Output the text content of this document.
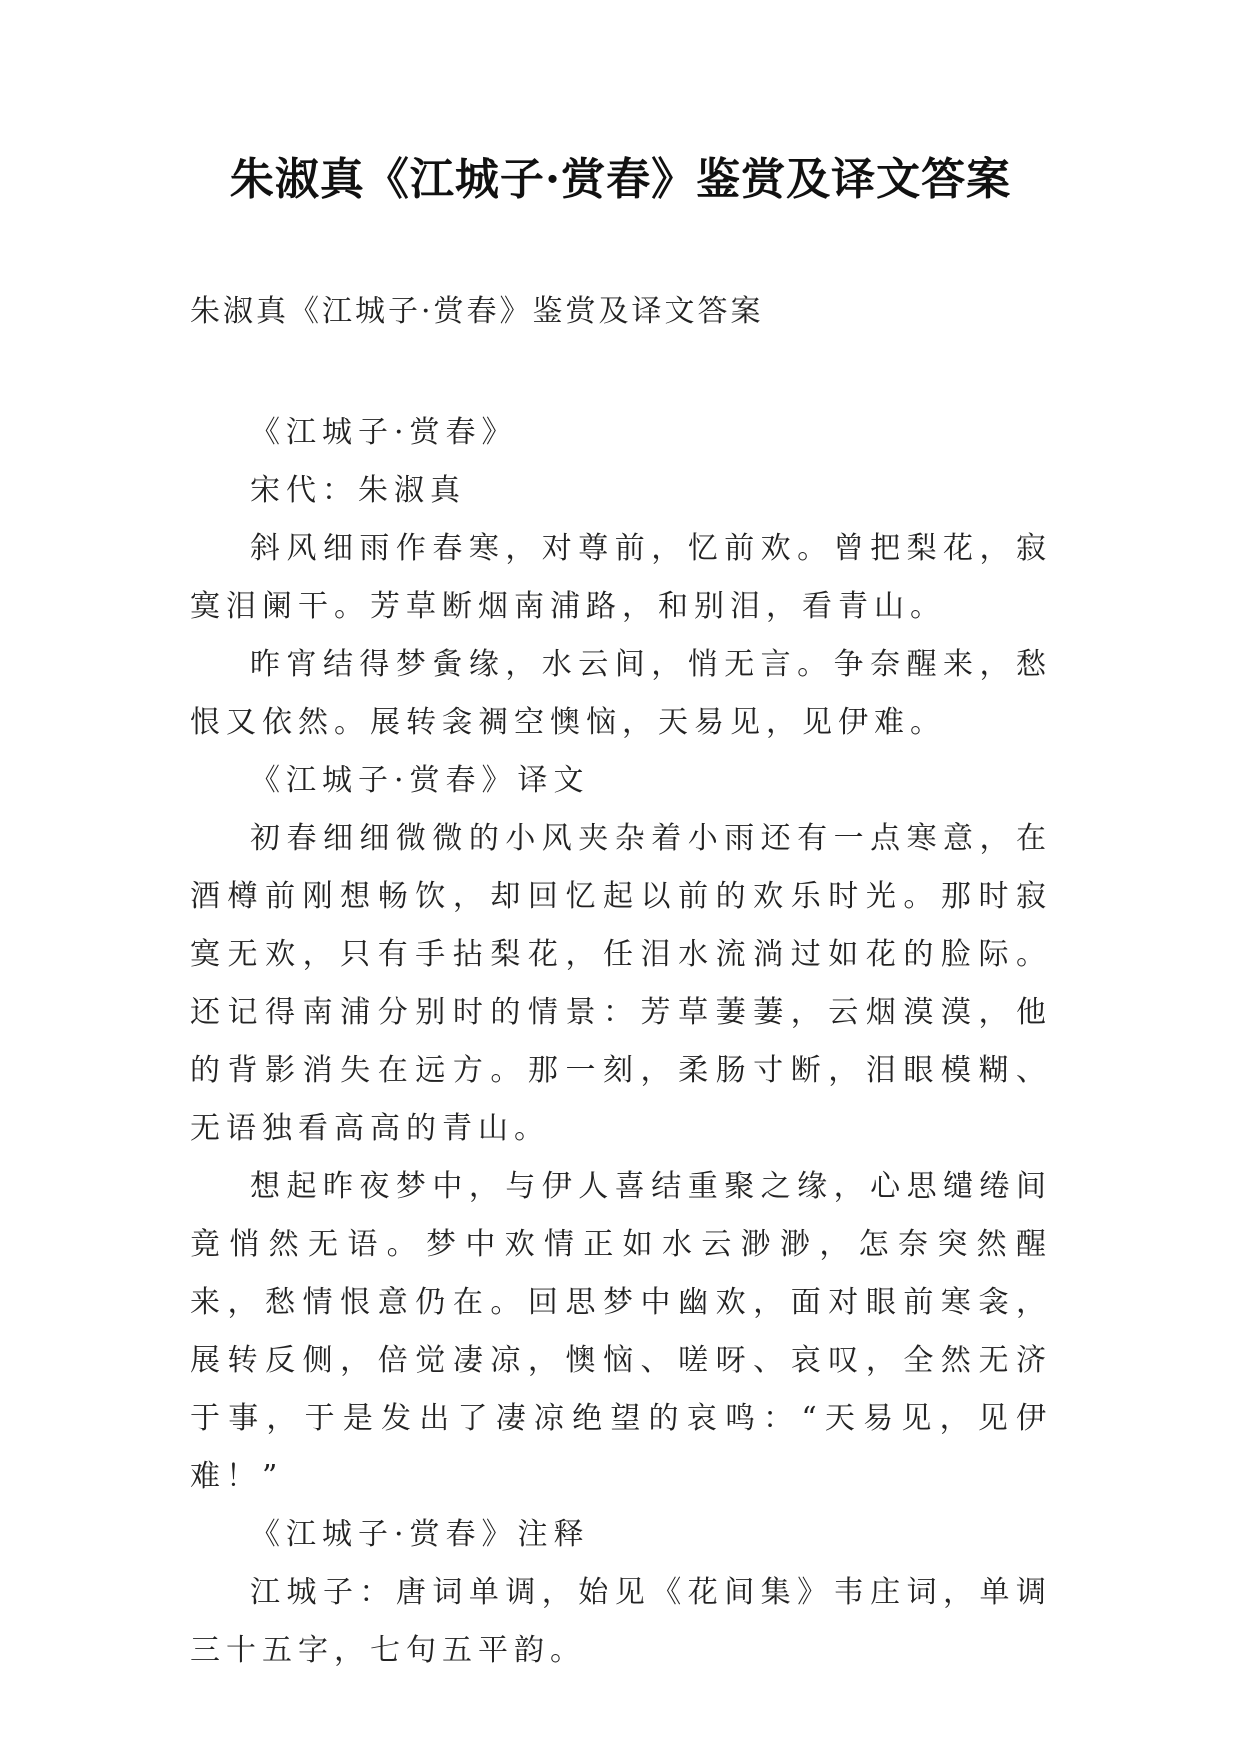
朱淑真《江城子·赏春》鉴赏及译文答案

朱淑真《江城子·赏春》鉴赏及译文答案

《江城子·赏春》

宋代：朱淑真

斜风细雨作春寒，对尊前，忆前欢。曾把梨花，寂寞泪阑干。芳草断烟南浦路，和别泪，看青山。

昨宵结得梦夤缘，水云间，悄无言。争奈醒来，愁恨又依然。展转衾裯空懊恼，天易见，见伊难。

《江城子·赏春》译文

初春细细微微的小风夹杂着小雨还有一点寒意，在酒樽前刚想畅饮，却回忆起以前的欢乐时光。那时寂寞无欢，只有手拈梨花，任泪水流淌过如花的脸际。还记得南浦分别时的情景：芳草萋萋，云烟漠漠，他的背影消失在远方。那一刻，柔肠寸断，泪眼模糊、无语独看高高的青山。

想起昨夜梦中，与伊人喜结重聚之缘，心思缱绻间竟悄然无语。梦中欢情正如水云渺渺，怎奈突然醒来，愁情恨意仍在。回思梦中幽欢，面对眼前寒衾，展转反侧，倍觉凄凉，懊恼、嗟呀、哀叹，全然无济于事，于是发出了凄凉绝望的哀鸣：“天易见，见伊难！”

《江城子·赏春》注释

江城子：唐词单调，始见《花间集》韦庄词，单调三十五字，七句五平韵。
